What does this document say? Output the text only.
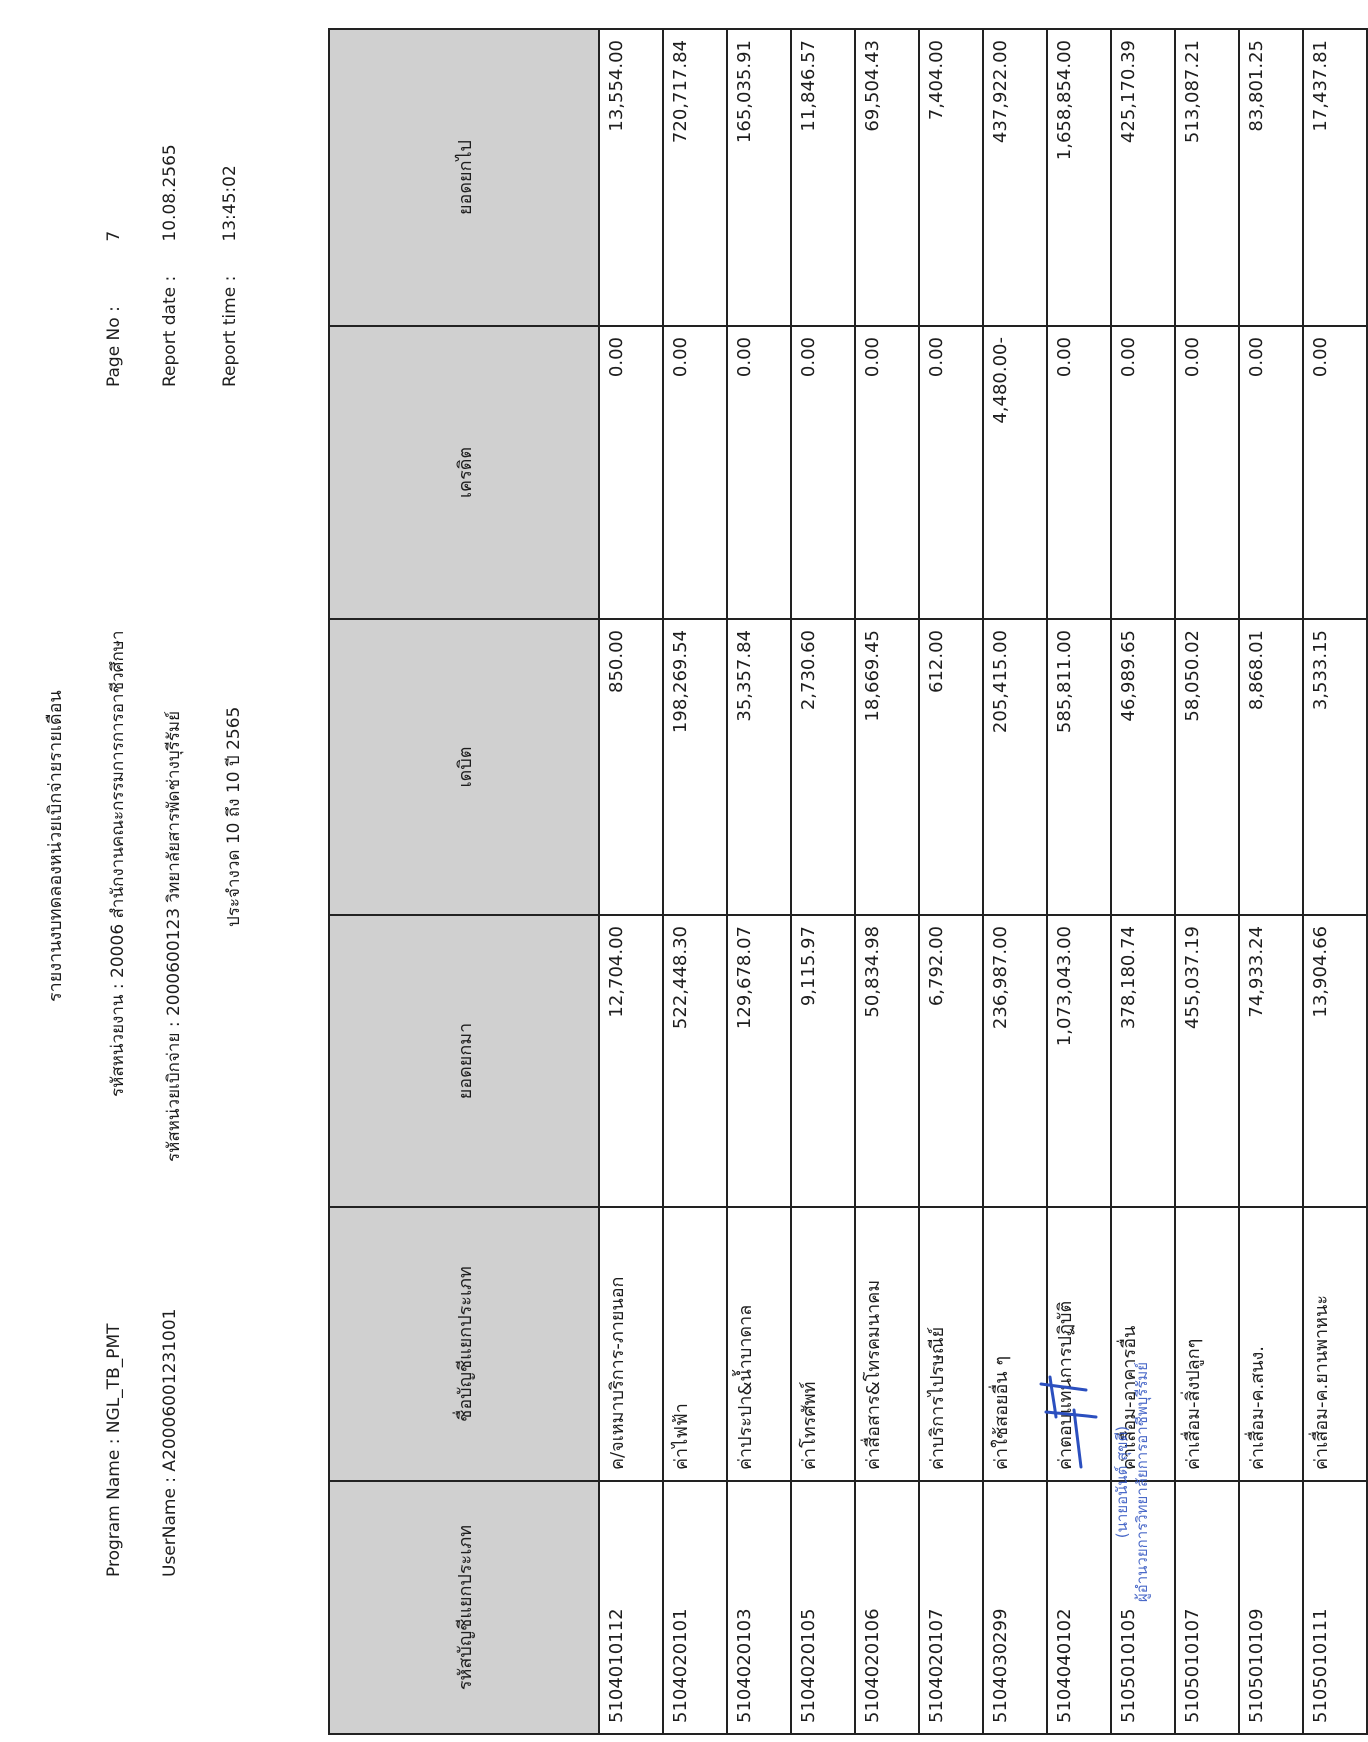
รายงานงบทดลองหน่วยเบิกจ่ายรายเดือน รหัสหน่วยงาน : 20006 สำนักงานคณะกรรมการการอาชีวศึกษา รหัสหน่วยเบิกจ่าย : 2000600123 วิทยาลัยสารพัดช่างบุรีรัมย์ ประจำงวด 10 ถึง 10 ปี 2565
Program Name : NGL_TB_PMT UserName : A20006001231001
Page No : 7
Report date : 10.08.2565
Report time : 13:45:02
รหัสบัญชีแยกประเภท	ชื่อบัญชีแยกประเภท	ยอดยกมา	เดบิต	เครดิต	ยอดยกไป
5104010112	ค/จเหมาบริการ-ภายนอก	12,704.00	850.00	0.00	13,554.00
5104020101	ค่าไฟฟ้า	522,448.30	198,269.54	0.00	720,717.84
5104020103	ค่าประปา&น้ำบาดาล	129,678.07	35,357.84	0.00	165,035.91
5104020105	ค่าโทรศัพท์	9,115.97	2,730.60	0.00	11,846.57
5104020106	ค่าสื่อสาร&โทรคมนาคม	50,834.98	18,669.45	0.00	69,504.43
5104020107	ค่าบริการไปรษณีย์	6,792.00	612.00	0.00	7,404.00
5104030299	ค่าใช้สอยอื่น ๆ	236,987.00	205,415.00	4,480.00-	437,922.00
5104040102	ค่าตอบแทนการปฏิบัติ	1,073,043.00	585,811.00	0.00	1,658,854.00
5105010105	ค่าเสื่อม-อาคารอื่น	378,180.74	46,989.65	0.00	425,170.39
5105010107	ค่าเสื่อม-สิ่งปลูกๆ	455,037.19	58,050.02	0.00	513,087.21
5105010109	ค่าเสื่อม-ค.สนง.	74,933.24	8,868.01	0.00	83,801.25
5105010111	ค่าเสื่อม-ค.ยานพาหนะ	13,904.66	3,533.15	0.00	17,437.81
(นายอนันต์ สุขดี) ผู้อำนวยการวิทยาลัยการอาชีพบุรีรัมย์
